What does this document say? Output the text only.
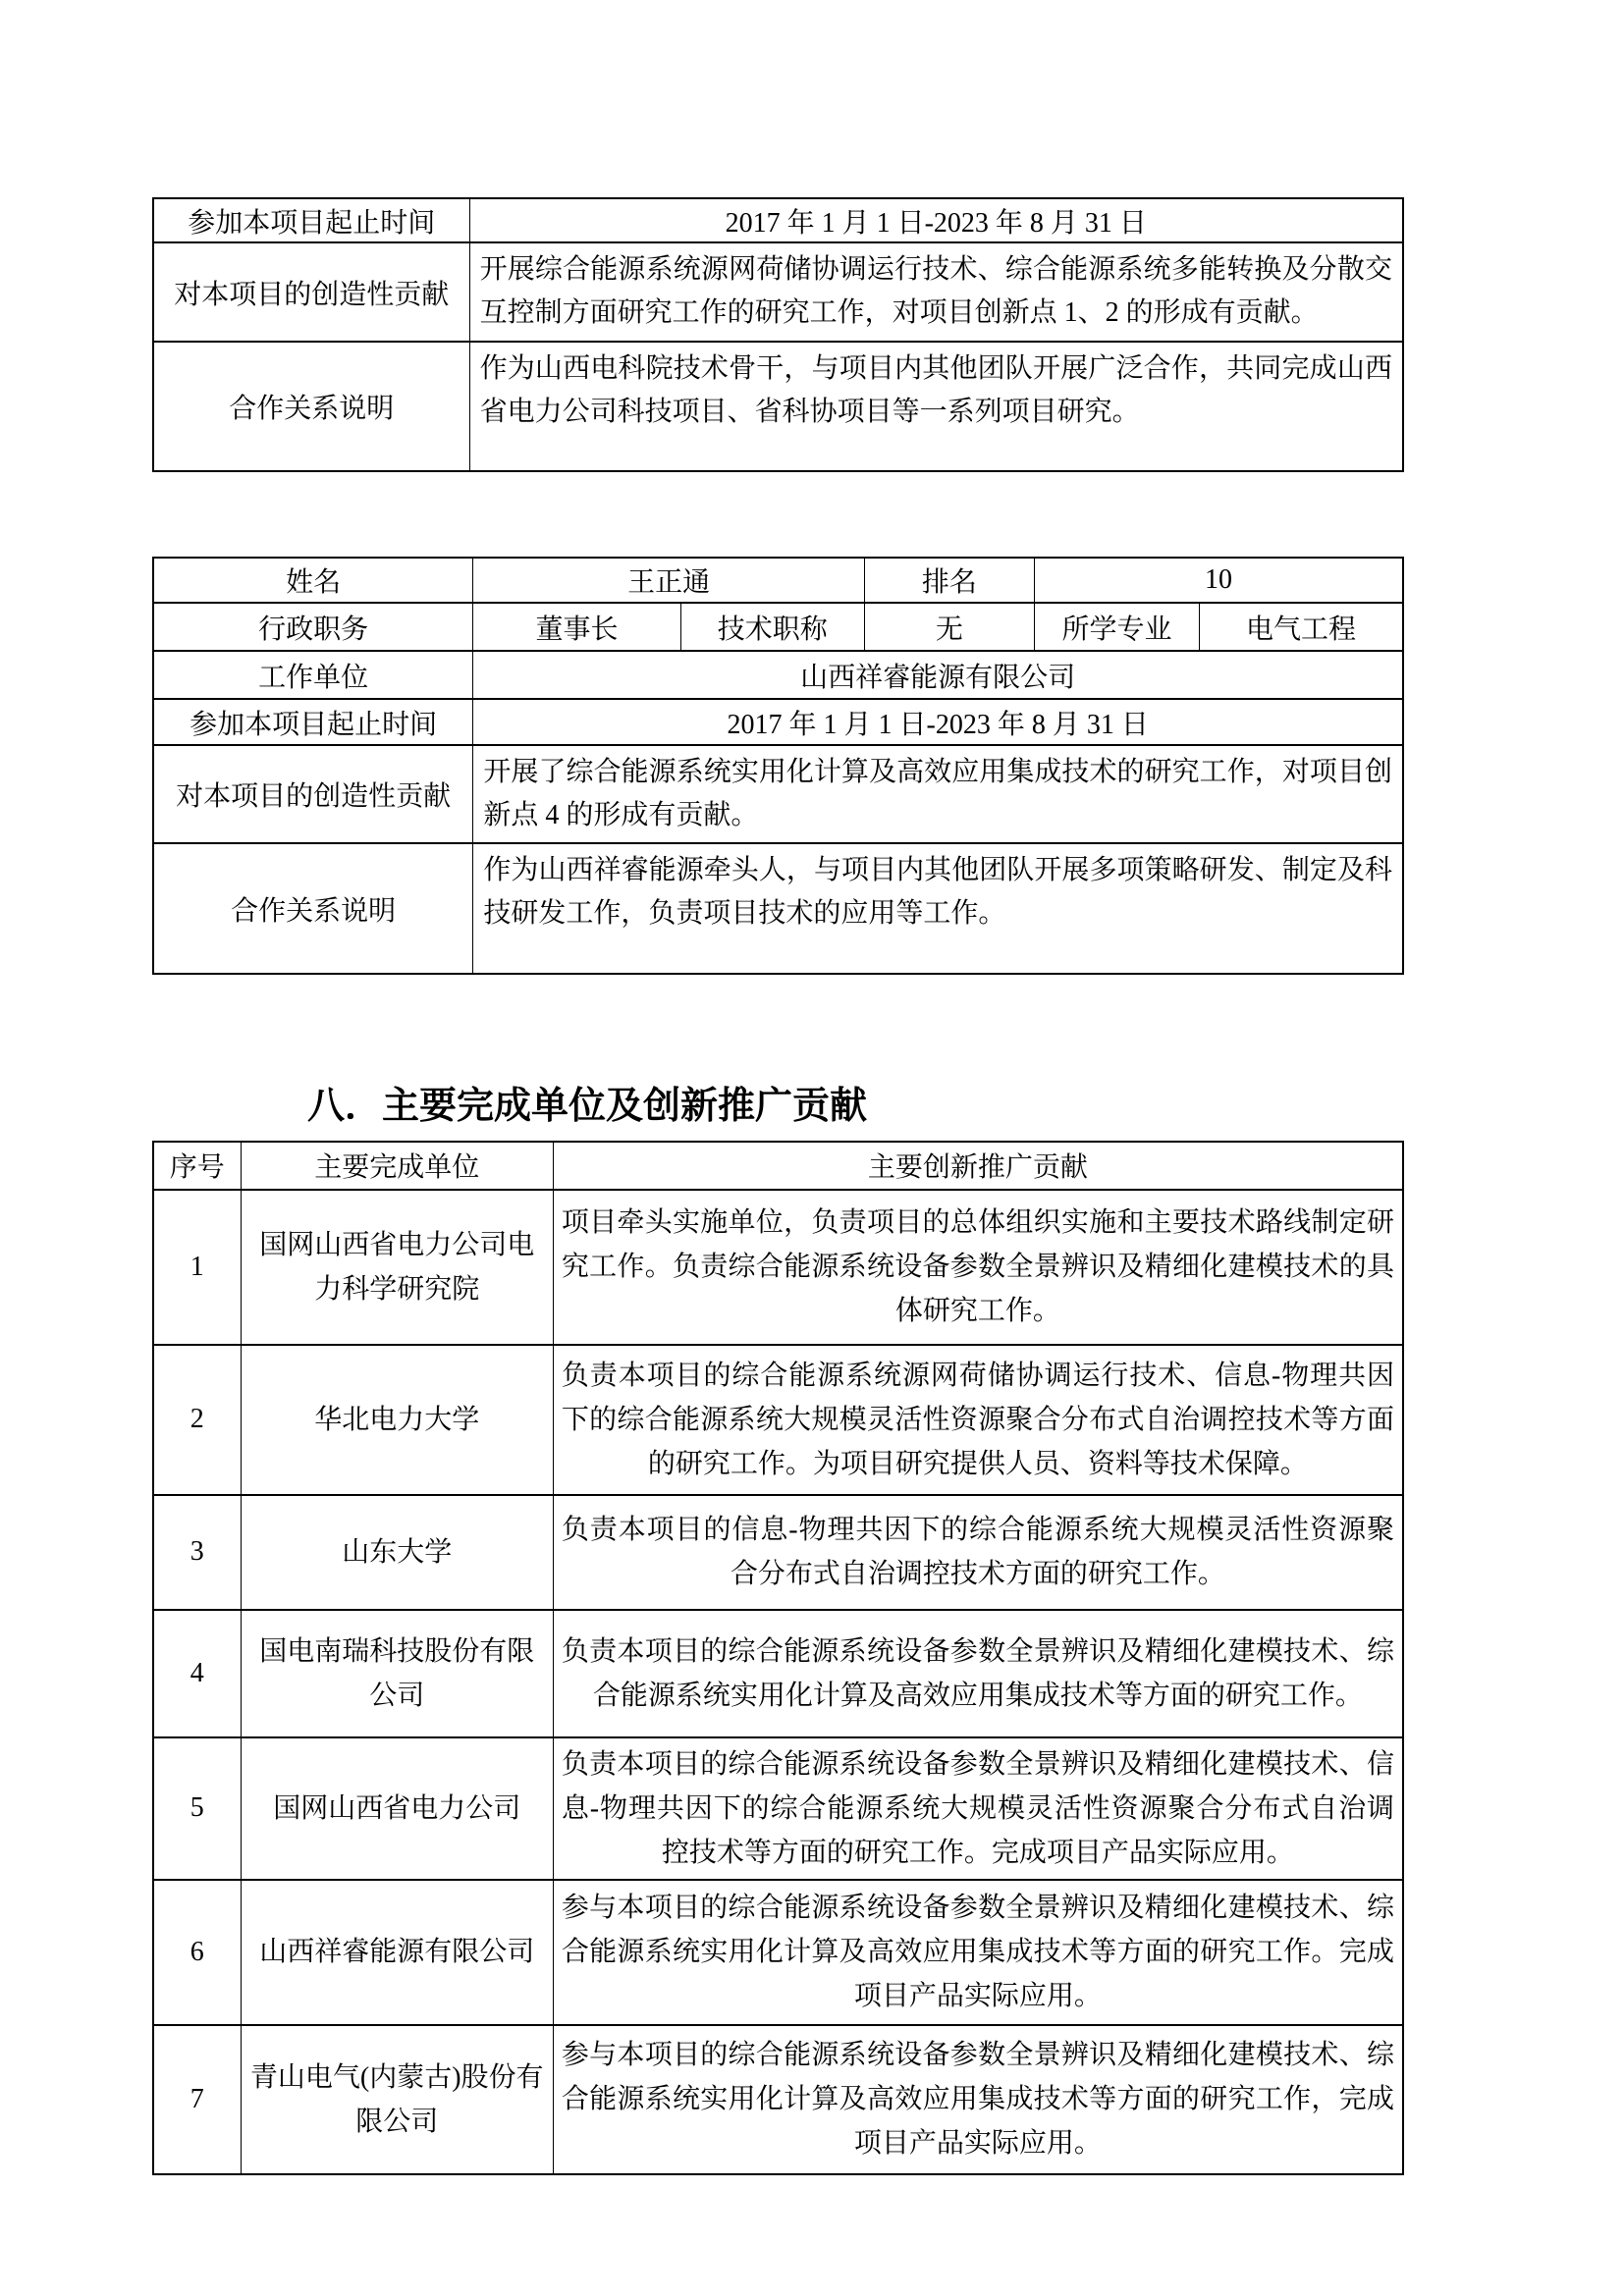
参加本项目起止时间	2017 年 1 月 1 日-2023 年 8 月 31 日
对本项目的创造性贡献	开展综合能源系统源网荷储协调运行技术、综合能源系统多能转换及分散交互控制方面研究工作的研究工作，对项目创新点 1、2 的形成有贡献。
合作关系说明	作为山西电科院技术骨干，与项目内其他团队开展广泛合作，共同完成山西省电力公司科技项目、省科协项目等一系列项目研究。
姓名	王正通		排名	10	
行政职务	董事长	技术职称	无	所学专业	电气工程
工作单位	山西祥睿能源有限公司				
参加本项目起止时间	2017 年 1 月 1 日-2023 年 8 月 31 日				
对本项目的创造性贡献	开展了综合能源系统实用化计算及高效应用集成技术的研究工作，对项目创新点 4 的形成有贡献。				
合作关系说明	作为山西祥睿能源牵头人，与项目内其他团队开展多项策略研发、制定及科技研发工作，负责项目技术的应用等工作。				
八．主要完成单位及创新推广贡献
序号	主要完成单位	主要创新推广贡献
1	国网山西省电力公司电力科学研究院	项目牵头实施单位，负责项目的总体组织实施和主要技术路线制定研究工作。负责综合能源系统设备参数全景辨识及精细化建模技术的具体研究工作。
2	华北电力大学	负责本项目的综合能源系统源网荷储协调运行技术、信息-物理共因下的综合能源系统大规模灵活性资源聚合分布式自治调控技术等方面的研究工作。为项目研究提供人员、资料等技术保障。
3	山东大学	负责本项目的信息-物理共因下的综合能源系统大规模灵活性资源聚合分布式自治调控技术方面的研究工作。
4	国电南瑞科技股份有限公司	负责本项目的综合能源系统设备参数全景辨识及精细化建模技术、综合能源系统实用化计算及高效应用集成技术等方面的研究工作。
5	国网山西省电力公司	负责本项目的综合能源系统设备参数全景辨识及精细化建模技术、信息-物理共因下的综合能源系统大规模灵活性资源聚合分布式自治调控技术等方面的研究工作。完成项目产品实际应用。
6	山西祥睿能源有限公司	参与本项目的综合能源系统设备参数全景辨识及精细化建模技术、综合能源系统实用化计算及高效应用集成技术等方面的研究工作。完成项目产品实际应用。
7	青山电气(内蒙古)股份有限公司	参与本项目的综合能源系统设备参数全景辨识及精细化建模技术、综合能源系统实用化计算及高效应用集成技术等方面的研究工作，完成项目产品实际应用。
